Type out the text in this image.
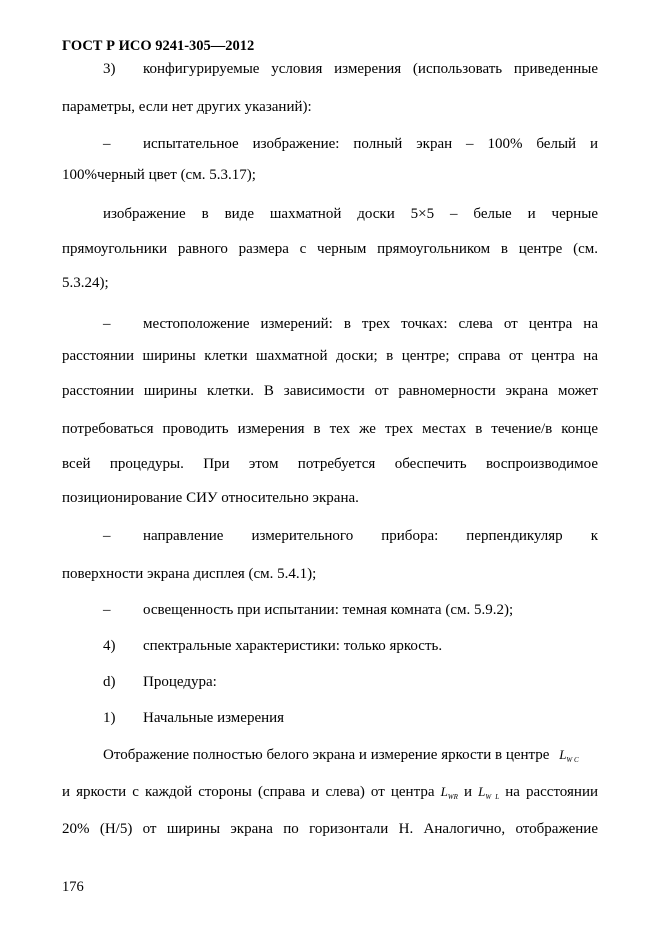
ГОСТ Р ИСО 9241-305—2012
3) конфигурируемые условия измерения (использовать приведенные
параметры, если нет других указаний):
– испытательное изображение: полный экран – 100% белый и
100%черный цвет (см. 5.3.17);
изображение в виде шахматной доски 5×5 – белые и черные
прямоугольники равного размера с черным прямоугольником в центре (см.
5.3.24);
– местоположение измерений: в трех точках: слева от центра на
расстоянии ширины клетки шахматной доски; в центре; справа от центра на
расстоянии ширины клетки. В зависимости от равномерности экрана может
потребоваться проводить измерения в тех же трех местах в течение/в конце
всей процедуры. При этом потребуется обеспечить воспроизводимое
позиционирование СИУ относительно экрана.
– направление измерительного прибора: перпендикуляр к
поверхности экрана дисплея (см. 5.4.1);
– освещенность при испытании: темная комната (см. 5.9.2);
4) спектральные характеристики: только яркость.
d) Процедура:
1) Начальные измерения
Отображение полностью белого экрана и измерение яркости в центре $L_{W C}$
и яркости с каждой стороны (справа и слева) от центра $L_{WR}$ и $L_{W L}$ на расстоянии
20% (H/5) от ширины экрана по горизонтали H. Аналогично, отображение
176
